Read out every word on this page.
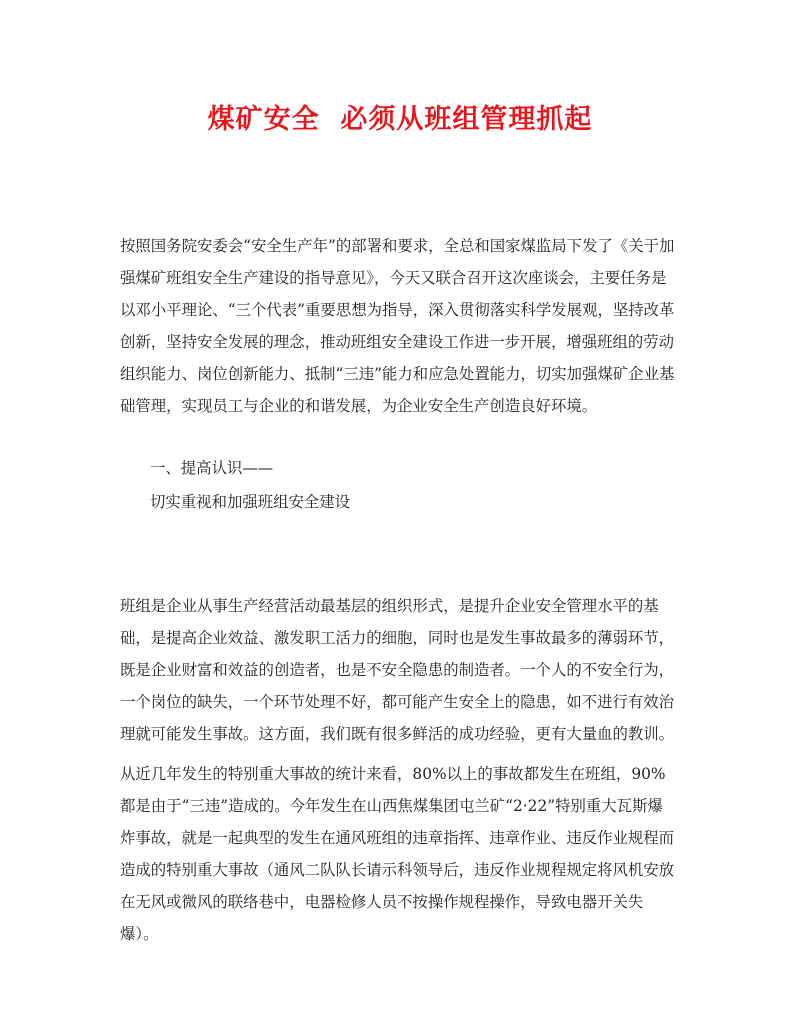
煤矿安全  必须从班组管理抓起

按照国务院安委会“安全生产年”的部署和要求，全总和国家煤监局下发了《关于加强煤矿班组安全生产建设的指导意见》，今天又联合召开这次座谈会，主要任务是以邓小平理论、“三个代表”重要思想为指导，深入贯彻落实科学发展观，坚持改革创新，坚持安全发展的理念，推动班组安全建设工作进一步开展，增强班组的劳动组织能力、岗位创新能力、抵制“三违”能力和应急处置能力，切实加强煤矿企业基础管理，实现员工与企业的和谐发展，为企业安全生产创造良好环境。

一、提高认识——

切实重视和加强班组安全建设

班组是企业从事生产经营活动最基层的组织形式，是提升企业安全管理水平的基础，是提高企业效益、激发职工活力的细胞，同时也是发生事故最多的薄弱环节，既是企业财富和效益的创造者，也是不安全隐患的制造者。一个人的不安全行为，一个岗位的缺失，一个环节处理不好，都可能产生安全上的隐患，如不进行有效治理就可能发生事故。这方面，我们既有很多鲜活的成功经验，更有大量血的教训。

从近几年发生的特别重大事故的统计来看，80%以上的事故都发生在班组，90%都是由于“三违”造成的。今年发生在山西焦煤集团屯兰矿“2·22”特别重大瓦斯爆炸事故，就是一起典型的发生在通风班组的违章指挥、违章作业、违反作业规程而造成的特别重大事故（通风二队队长请示科领导后，违反作业规程规定将风机安放在无风或微风的联络巷中，电器检修人员不按操作规程操作，导致电器开关失爆）。
